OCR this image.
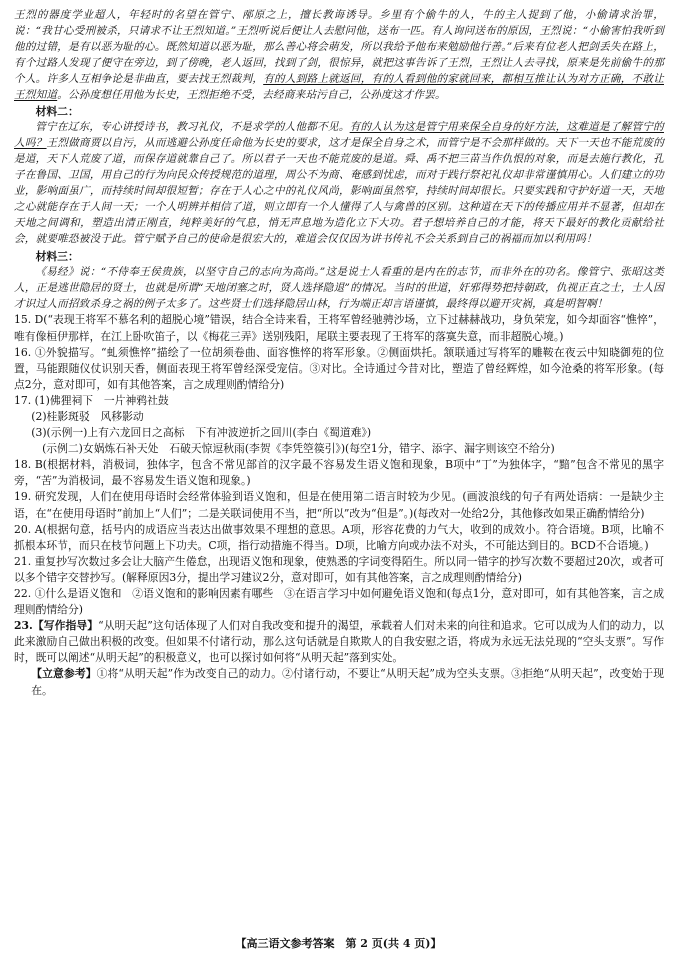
王烈的器度学业超人，年轻时的名望在管宁、邴原之上，擅长教诲诱导。乡里有个偷牛的人，牛的主人捉到了他，小偷请求治罪，说：“我甘心受刑被杀，只请求不让王烈知道。”王烈听说后便让人去慰问他，送布一匹。有人询问送布的原因，王烈说：“小偷害怕我听到他的过错，是有以恶为耻的心。既然知道以恶为耻，那么善心将会萌发，所以我给予他布来勉励他行善。”后来有位老人把剑丢失在路上，有个过路人发现了便守在旁边，到了傍晚，老人返回，找到了剑，很惊异，就把这事告诉了王烈，王烈让人去寻找，原来是先前偷牛的那个人。许多人互相争论是非曲直，要去找王烈裁判，有的人到路上就返回，有的人看到他的家就回来，都相互推让认为对方正确，不敢让王烈知道。公孙度想任用他为长史，王烈拒绝不受，去经商来玷污自己，公孙度这才作罢。

材料二：

管宁在辽东，专心讲授诗书，教习礼仪，不是求学的人他都不见。有的人认为这是管宁用来保全自身的好方法，这难道是了解管宁的人吗？王烈做商贾以自污，从而逃避公孙度任命他为长史的要求，这才是保全自身之术，而管宁是不会那样做的。天下一天也不能荒废的是道，天下人荒废了道，而保存道就靠自己了。所以君子一天也不能荒废的是道。舜、禹不把三苗当作仇恨的对象，而是去施行教化，孔子在鲁国、卫国，用自己的行为向民众传授规范的道理，周公不为商、奄感到忧虑，而对于践行祭祀礼仪却非常谨慎用心。人们建立的功业，影响面虽广，而持续时间却很短暂；存在于人心之中的礼仪风尚，影响面虽然窄，持续时间却很长。只要实践和守护好道一天，天地之心就能存在于人间一天；一个人明辨并相信了道，则立即有一个人懂得了人与禽兽的区别。这种道在天下的传播应用并不显著，但却在天地之间调和，塑造出清正刚直，纯粹美好的气息，悄无声息地为造化立下大功。君子想培养自己的才能，将天下最好的教化贡献给社会，就要唯恐被没于此。管宁赋予自己的使命是很宏大的，难道会仅仅因为讲书传礼不会关系到自己的祸福而加以利用吗！

材料三：

《易经》说：“不侍奉王侯贵族，以坚守自己的志向为高尚。”这是说士人看重的是内在的志节，而非外在的功名。像管宁、张昭这类人，正是逃世隐居的贤士，也就是所谓“天地闭塞之时，贤人选择隐退”的情况。当时的世道，奸邪得势把持朝政，仇视正直之士，士人因才识过人而招致杀身之祸的例子太多了。这些贤士们选择隐居山林，行为端正却言语谨慎，最终得以避开灾祸，真是明智啊！

15. D(“表现王将军不慕名利的超脱心境”错误，结合全诗来看，王将军曾经驰骋沙场，立下过赫赫战功，身负荣宠，如今却面容“憔悴”，唯有像桓伊那样，在江上卧吹笛子，以《梅花三弄》送别残阳，尾联主要表现了王将军的落寞失意，而非超脱心境。)

16. ①外貌描写。“虬须憔悴”描绘了一位胡须卷曲、面容憔悴的将军形象。②侧面烘托。颔联通过写将军的雕鞍在夜云中知晓御苑的位置，马能跟随仪仗识别天香，侧面表现王将军曾经深受宠信。③对比。全诗通过今昔对比，塑造了曾经辉煌，如今沧桑的将军形象。(每点2分，意对即可，如有其他答案，言之成理则酌情给分)

17. (1)佛狸祠下　一片神鸦社鼓

(2)桂影斑驳　风移影动

(3)(示例一)上有六龙回日之高标　下有冲波逆折之回川(李白《蜀道难》)

(示例二)女娲炼石补天处　石破天惊逗秋雨(李贺《李凭箜篌引》)(每空1分，错字、添字、漏字则该空不给分)

18. B(根据材料，消极词，独体字，包含不常见部首的汉字最不容易发生语义饱和现象，B项中“丁”为独体字，“黯”包含不常见的黑字旁，“苦”为消极词，最不容易发生语义饱和现象。)

19. 研究发现，人们在使用母语时会经常体验到语义饱和，但是在使用第二语言时较为少见。(画波浪线的句子有两处语病：一是缺少主语，在“在使用母语时”前加上“人们”；二是关联词使用不当，把“所以”改为“但是”。)(每改对一处给2分，其他修改如果正确酌情给分)

20. A(根据句意，括号内的成语应当表达出做事效果不理想的意思。A项，形容花费的力气大，收到的成效小。符合语境。B项，比喻不抓根本环节，而只在枝节问题上下功夫。C项，指行动措施不得当。D项，比喻方向或办法不对头，不可能达到目的。BCD不合语境。)

21. 重复抄写次数过多会让大脑产生倦怠，出现语义饱和现象，使熟悉的字词变得陌生。所以同一错字的抄写次数不要超过20次，或者可以多个错字交替抄写。(解释原因3分，提出学习建议2分，意对即可，如有其他答案，言之成理则酌情给分)

22. ①什么是语义饱和　②语义饱和的影响因素有哪些　③在语言学习中如何避免语义饱和(每点1分，意对即可，如有其他答案，言之成理则酌情给分)

23.【写作指导】“从明天起”这句话体现了人们对自我改变和提升的渴望，承载着人们对未来的向往和追求。它可以成为人们的动力，以此来激励自己做出积极的改变。但如果不付诸行动，那么这句话就是自欺欺人的自我安慰之语，将成为永远无法兑现的“空头支票”。写作时，既可以阐述“从明天起”的积极意义，也可以探讨如何将“从明天起”落到实处。

【立意参考】①将“从明天起”作为改变自己的动力。②付诸行动，不要让“从明天起”成为空头支票。③拒绝“从明天起”，改变始于现在。

【高三语文参考答案　第 2 页(共 4 页)】
